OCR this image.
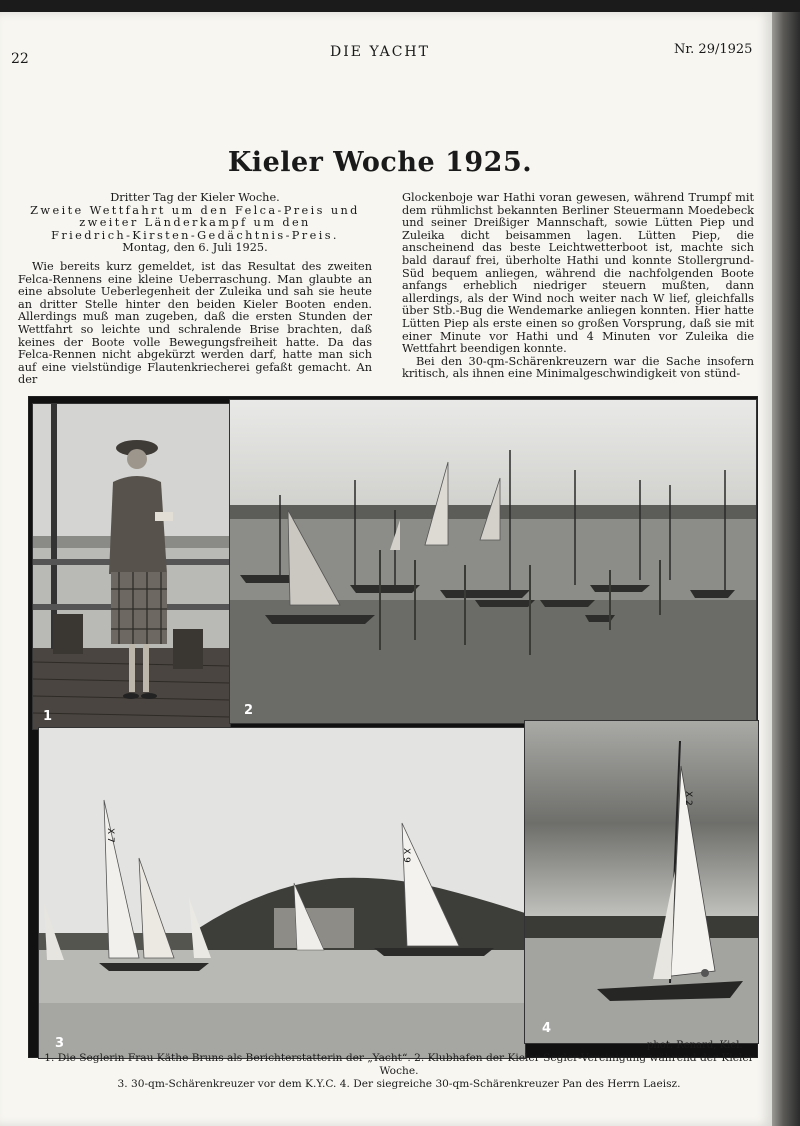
22	DIE YACHT	Nr. 29/1925
Kieler Woche 1925.

Dritter Tag der Kieler Woche.

Zweite Wettfahrt um den Felca-Preis und

zweiter Länderkampf um den

Friedrich-Kirsten-Gedächtnis-Preis.

Montag, den 6. Juli 1925.

Wie bereits kurz gemeldet, ist das Resultat des zweiten Felca-Rennens eine kleine Ueberraschung. Man glaubte an eine absolute Ueberlegenheit der Zuleika und sah sie heute an dritter Stelle hinter den beiden Kieler Booten enden. Allerdings muß man zugeben, daß die ersten Stunden der Wettfahrt so leichte und schralende Brise brachten, daß keines der Boote volle Bewegungsfreiheit hatte. Da das Felca-Rennen nicht abgekürzt werden darf, hatte man sich auf eine vielstündige Flautenkriecherei gefaßt gemacht. An der

Glockenboje war Hathi voran gewesen, während Trumpf mit dem rühmlichst bekannten Berliner Steuermann Moedebeck und seiner Dreißiger Mannschaft, sowie Lütten Piep und Zuleika dicht beisammen lagen. Lütten Piep, die anscheinend das beste Leichtwetterboot ist, machte sich bald darauf frei, überholte Hathi und konnte Stollergrund-Süd bequem anliegen, während die nachfolgenden Boote anfangs erheblich niedriger steuern mußten, dann allerdings, als der Wind noch weiter nach W lief, gleichfalls über Stb.-Bug die Wendemarke anliegen konnten. Hier hatte Lütten Piep als erste einen so großen Vorsprung, daß sie mit einer Minute vor Hathi und 4 Minuten vor Zuleika die Wettfahrt beendigen konnte.

Bei den 30-qm-Schärenkreuzern war die Sache insofern kritisch, als ihnen eine Minimalgeschwindigkeit von stünd-

1	2
X 7
X 9
3
X 2
4
phot. Renard, Kiel.

1. Die Seglerin Frau Käthe Bruns als Berichterstatterin der „Yacht“. 2. Klubhafen der Kieler Segler-Vereinigung während der Kieler Woche.

3. 30-qm-Schärenkreuzer vor dem K.Y.C. 4. Der siegreiche 30-qm-Schärenkreuzer Pan des Herrn Laeisz.
